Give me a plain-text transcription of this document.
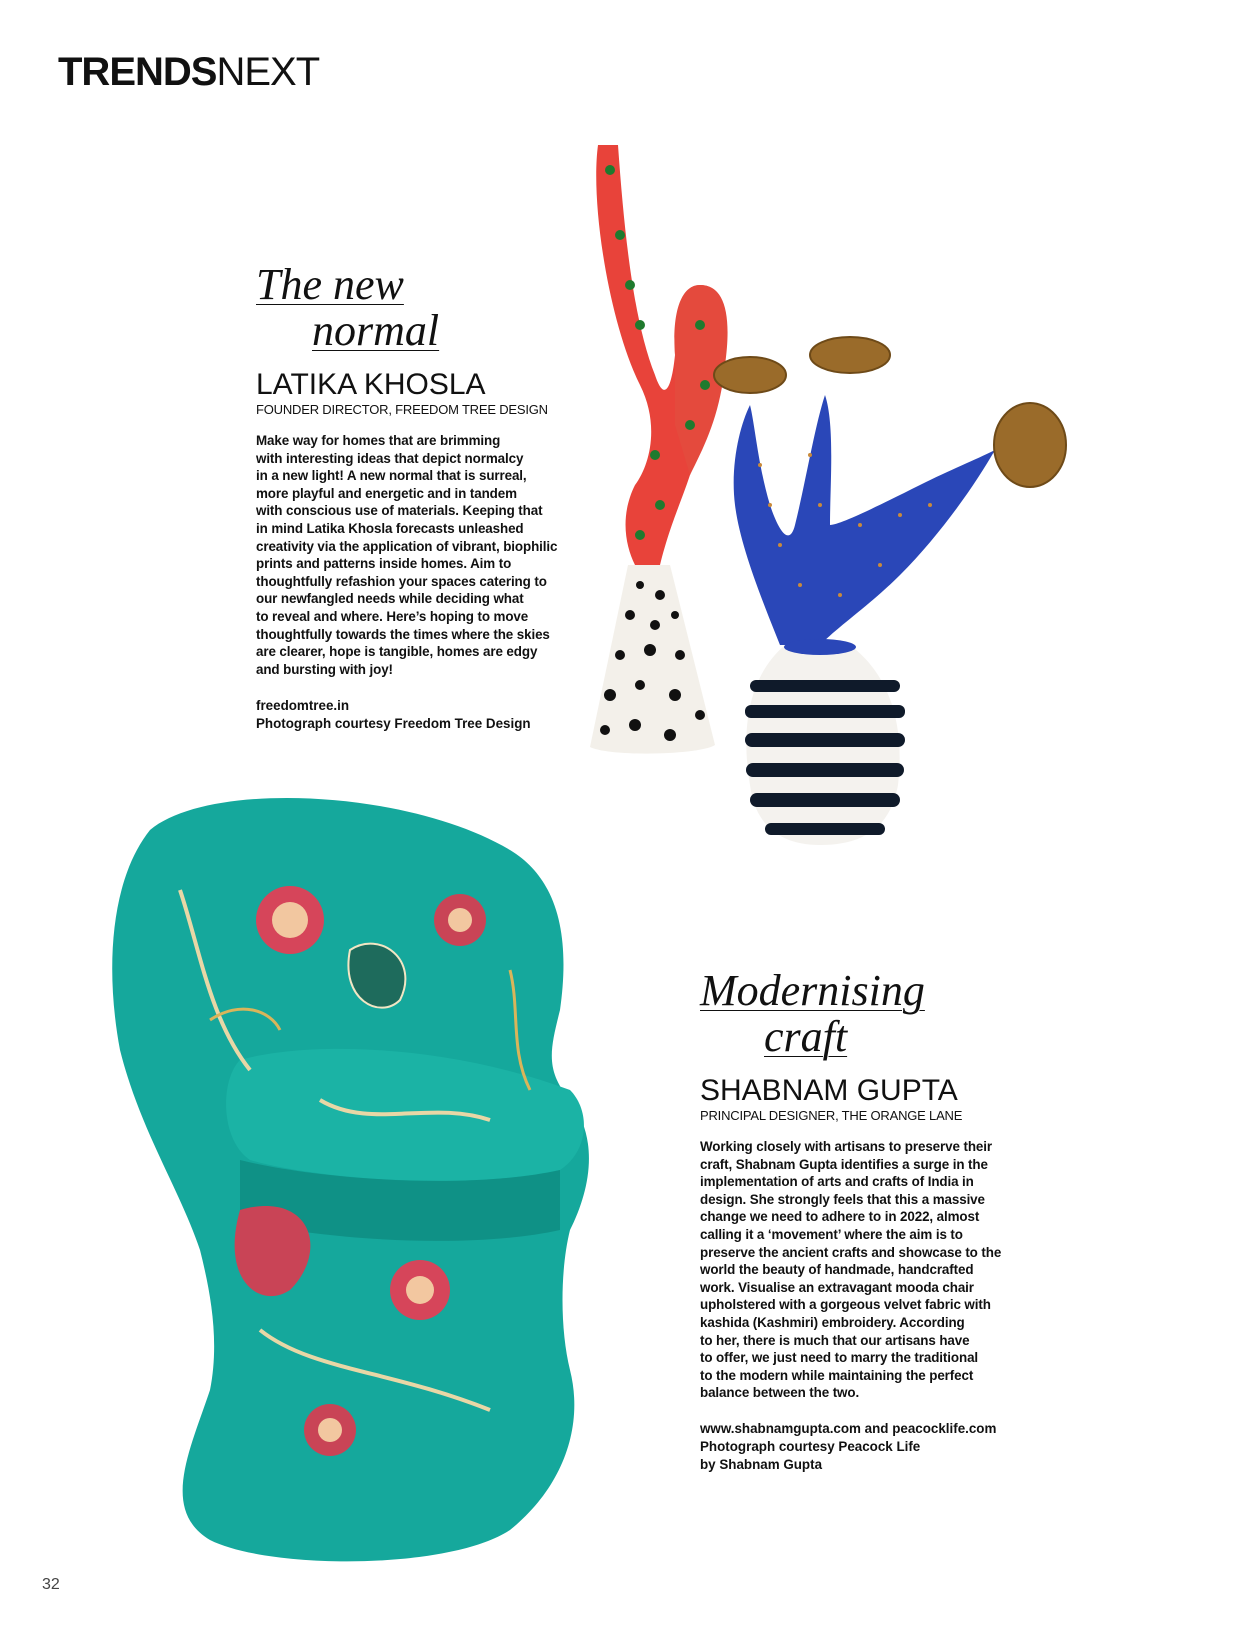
TRENDSNEXT
The new
normal
LATIKA KHOSLA
FOUNDER DIRECTOR, FREEDOM TREE DESIGN

Make way for homes that are brimming

with interesting ideas that depict normalcy

in a new light! A new normal that is surreal,

more playful and energetic and in tandem

with conscious use of materials. Keeping that

in mind Latika Khosla forecasts unleashed

creativity via the application of vibrant, biophilic

prints and patterns inside homes. Aim to

thoughtfully refashion your spaces catering to

our newfangled needs while deciding what

to reveal and where. Here’s hoping to move

thoughtfully towards the times where the skies

are clearer, hope is tangible, homes are edgy

and bursting with joy!

freedomtree.in
Photograph courtesy Freedom Tree Design
Modernising
craft
SHABNAM GUPTA
PRINCIPAL DESIGNER, THE ORANGE LANE

Working closely with artisans to preserve their

craft, Shabnam Gupta identifies a surge in the

implementation of arts and crafts of India in

design. She strongly feels that this a massive

change we need to adhere to in 2022, almost

calling it a ‘movement’ where the aim is to

preserve the ancient crafts and showcase to the

world the beauty of handmade, handcrafted

work. Visualise an extravagant mooda chair

upholstered with a gorgeous velvet fabric with

kashida (Kashmiri) embroidery. According

to her, there is much that our artisans have

to offer, we just need to marry the traditional

to the modern while maintaining the perfect

balance between the two.

www.shabnamgupta.com and peacocklife.com
Photograph courtesy Peacock Life
by Shabnam Gupta
32
